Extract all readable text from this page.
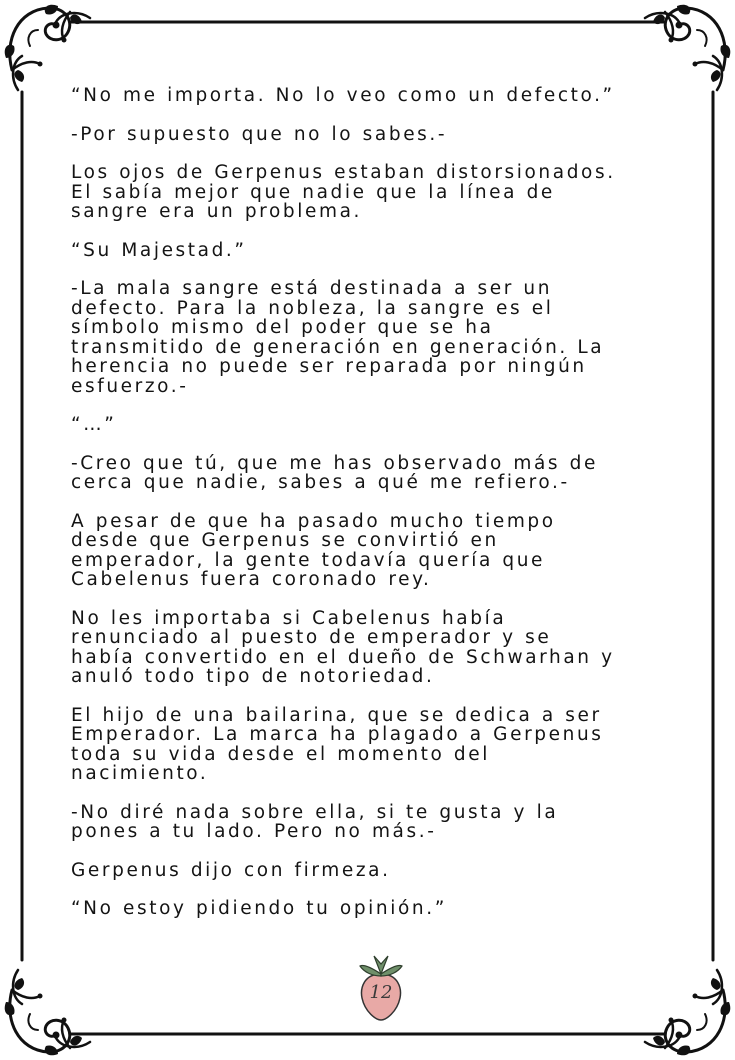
“No me importa. No lo veo como un defecto.”

-Por supuesto que no lo sabes.-

Los ojos de Gerpenus estaban distorsionados.
El sabía mejor que nadie que la línea de
sangre era un problema.

“Su Majestad.”

-La mala sangre está destinada a ser un
defecto. Para la nobleza, la sangre es el
símbolo mismo del poder que se ha
transmitido de generación en generación. La
herencia no puede ser reparada por ningún
esfuerzo.-

“…”

-Creo que tú, que me has observado más de
cerca que nadie, sabes a qué me refiero.-

A pesar de que ha pasado mucho tiempo
desde que Gerpenus se convirtió en
emperador, la gente todavía quería que
Cabelenus fuera coronado rey.

No les importaba si Cabelenus había
renunciado al puesto de emperador y se
había convertido en el dueño de Schwarhan y
anuló todo tipo de notoriedad.

El hijo de una bailarina, que se dedica a ser
Emperador. La marca ha plagado a Gerpenus
toda su vida desde el momento del
nacimiento.

-No diré nada sobre ella, si te gusta y la
pones a tu lado. Pero no más.-

Gerpenus dijo con firmeza.

“No estoy pidiendo tu opinión.”

12
